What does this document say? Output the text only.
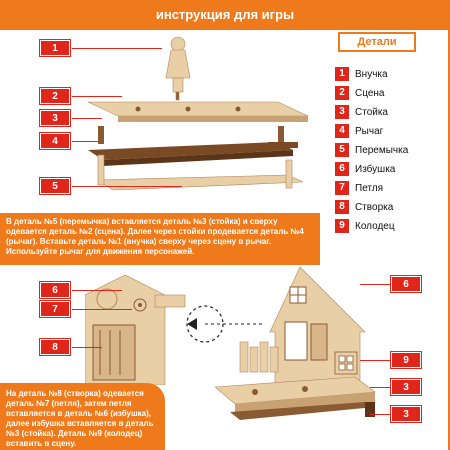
инструкция для игры
Детали
1	Внучка
2	Сцена
3	Стойка
4	Рычаг
5	Перемычка
6	Избушка
7	Петля
8	Створка
9	Колодец
1
2
3
4
5
В деталь №5 (перемычка) вставляется деталь №3 (стойка) и сверху одевается деталь №2 (сцена). Далее через стойки продевается деталь №4 (рычаг). Вставьте деталь №1 (внучка) сверху через сцену в рычаг. Используйте рычаг для движения персонажей.
6
7
8
6
9
3
3
На деталь №8 (створка) одевается деталь №7 (петля), затем петля вставляется в деталь №6 (избушка), далее избушка вставляется в деталь №3 (стойка). Деталь №9 (колодец) вставить в сцену.
